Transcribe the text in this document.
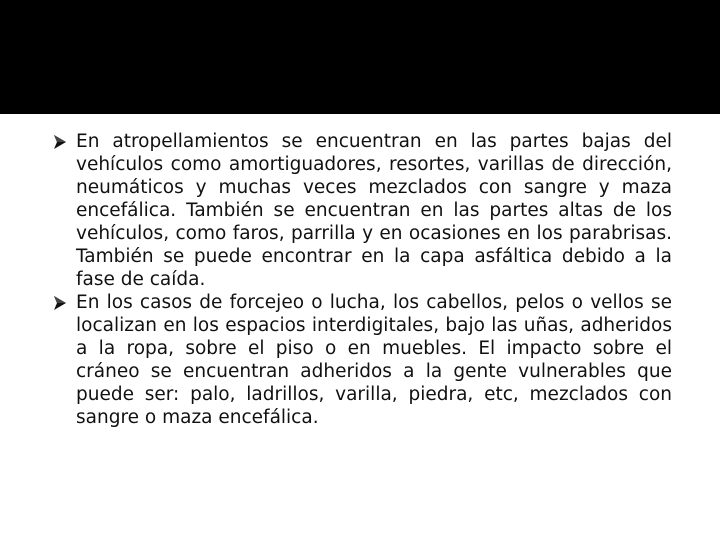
En atropellamientos se encuentran en las partes bajas del vehículos como amortiguadores, resortes, varillas de dirección, neumáticos y muchas veces mezclados con sangre y maza encefálica. También se encuentran en las partes altas de los vehículos, como faros, parrilla y en ocasiones en los parabrisas. También se puede encontrar en la capa asfáltica debido a la fase de caída.

En los casos de forcejeo o lucha, los cabellos, pelos o vellos se localizan en los espacios interdigitales, bajo las uñas, adheridos a la ropa, sobre el piso o en muebles. El impacto sobre el cráneo se encuentran adheridos a la gente vulnerables que puede ser: palo, ladrillos, varilla, piedra, etc, mezclados con sangre o maza encefálica.
